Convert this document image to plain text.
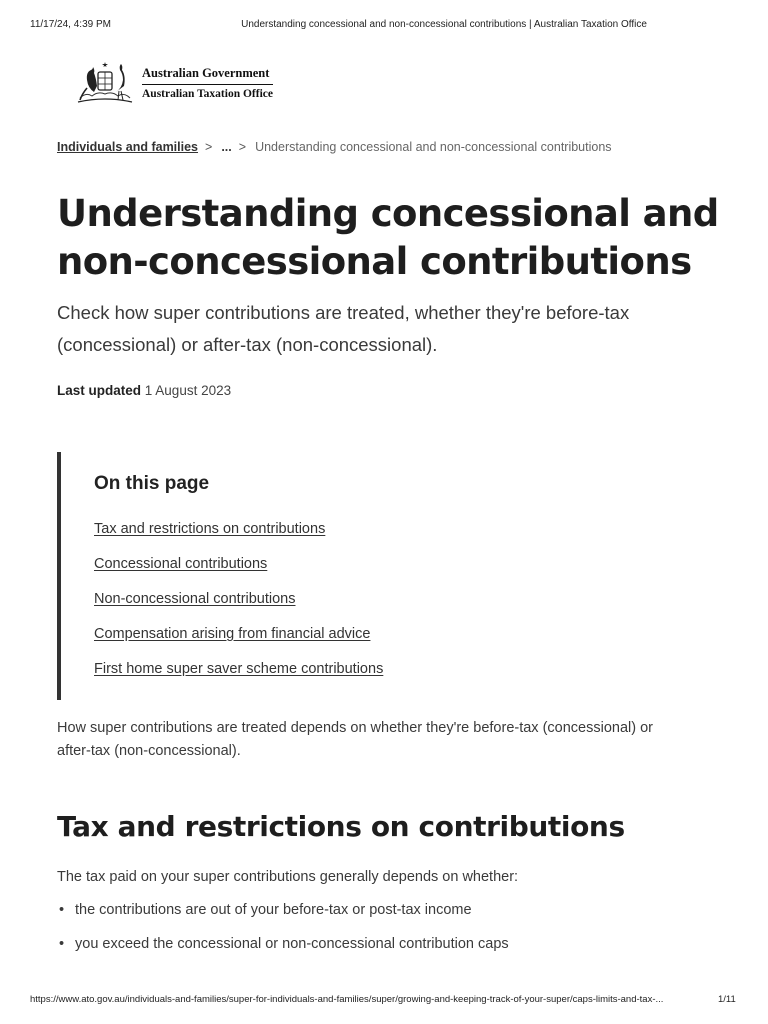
11/17/24, 4:39 PM	Understanding concessional and non-concessional contributions | Australian Taxation Office
Australian Government
Australian Taxation Office
Individuals and families > ... > Understanding concessional and non-concessional contributions
Understanding concessional and non-concessional contributions

Check how super contributions are treated, whether they're before-tax (concessional) or after-tax (non-concessional).

Last updated 1 August 2023
On this page
Tax and restrictions on contributions
Concessional contributions
Non-concessional contributions
Compensation arising from financial advice
First home super saver scheme contributions

How super contributions are treated depends on whether they're before-tax (concessional) or after-tax (non-concessional).

Tax and restrictions on contributions

The tax paid on your super contributions generally depends on whether:

• the contributions are out of your before-tax or post-tax income
• you exceed the concessional or non-concessional contribution caps
https://www.ato.gov.au/individuals-and-families/super-for-individuals-and-families/super/growing-and-keeping-track-of-your-super/caps-limits-and-tax-...	1/11
